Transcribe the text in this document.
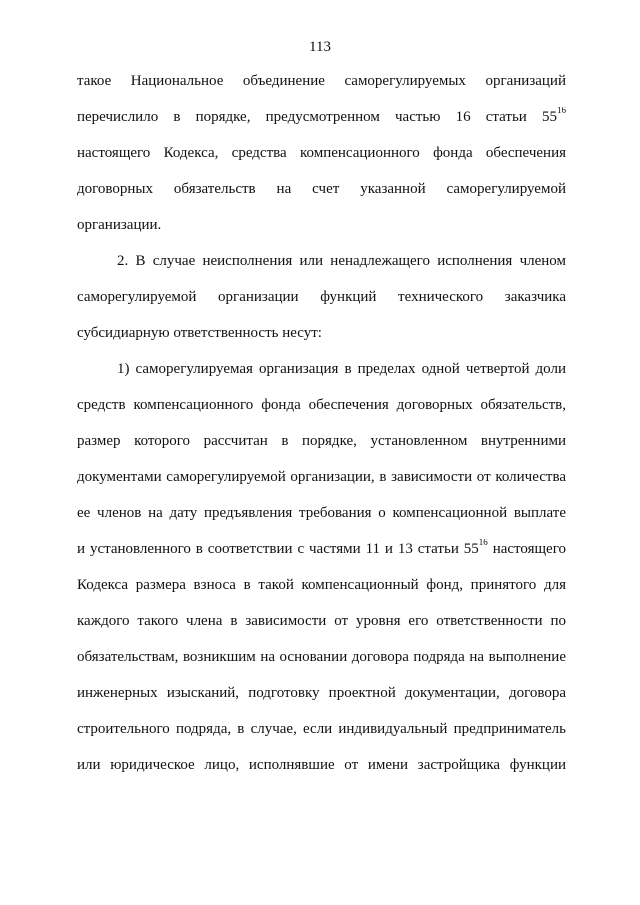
113
такое Национальное объединение саморегулируемых организаций
перечислило в порядке, предусмотренном частью 16 статьи $55^{16}$
настоящего Кодекса, средства компенсационного фонда обеспечения
договорных обязательств на счет указанной саморегулируемой
организации.
2. В случае неисполнения или ненадлежащего исполнения членом
саморегулируемой организации функций технического заказчика
субсидиарную ответственность несут:
1) саморегулируемая организация в пределах одной четвертой доли
средств компенсационного фонда обеспечения договорных обязательств,
размер которого рассчитан в порядке, установленном внутренними
документами саморегулируемой организации, в зависимости от количества
ее членов на дату предъявления требования о компенсационной выплате
и установленного в соответствии с частями 11 и 13 статьи $55^{16}$ настоящего
Кодекса размера взноса в такой компенсационный фонд, принятого для
каждого такого члена в зависимости от уровня его ответственности по
обязательствам, возникшим на основании договора подряда на выполнение
инженерных изысканий, подготовку проектной документации, договора
строительного подряда, в случае, если индивидуальный предприниматель
или юридическое лицо, исполнявшие от имени застройщика функции
